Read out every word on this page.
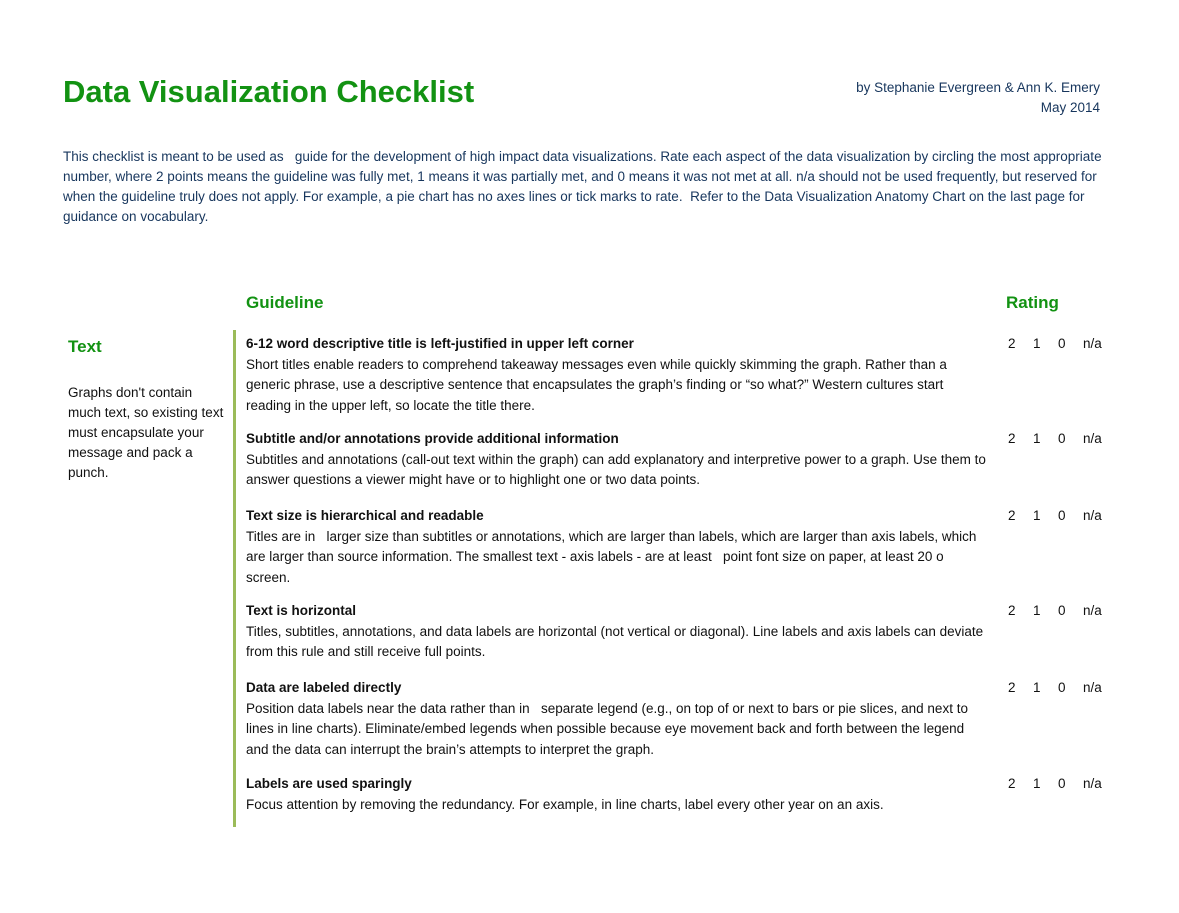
Data Visualization Checklist	by Stephanie Evergreen & Ann K. Emery
May 2014
This checklist is meant to be used as   guide for the development of high impact data visualizations. Rate each aspect of the data visualization by circling the most appropriate number, where 2 points means the guideline was fully met, 1 means it was partially met, and 0 means it was not met at all. n/a should not be used frequently, but reserved for when the guideline truly does not apply. For example, a pie chart has no axes lines or tick marks to rate.  Refer to the Data Visualization Anatomy Chart on the last page for guidance on vocabulary.
Guideline	Rating
Text
Graphs don't contain much text, so existing text must encapsulate your message and pack a punch.
6-12 word descriptive title is left-justified in upper left corner
Short titles enable readers to comprehend takeaway messages even while quickly skimming the graph. Rather than a generic phrase, use a descriptive sentence that encapsulates the graph’s finding or “so what?” Western cultures start reading in the upper left, so locate the title there.
2	1	0	n/a
Subtitle and/or annotations provide additional information
Subtitles and annotations (call-out text within the graph) can add explanatory and interpretive power to a graph. Use them to answer questions a viewer might have or to highlight one or two data points.
2	1	0	n/a
Text size is hierarchical and readable
Titles are in   larger size than subtitles or annotations, which are larger than labels, which are larger than axis labels, which are larger than source information. The smallest text - axis labels - are at least   point font size on paper, at least 20 o   screen.
2	1	0	n/a
Text is horizontal
Titles, subtitles, annotations, and data labels are horizontal (not vertical or diagonal). Line labels and axis labels can deviate from this rule and still receive full points.
2	1	0	n/a
Data are labeled directly
Position data labels near the data rather than in   separate legend (e.g., on top of or next to bars or pie slices, and next to lines in line charts). Eliminate/embed legends when possible because eye movement back and forth between the legend and the data can interrupt the brain’s attempts to interpret the graph.
2	1	0	n/a
Labels are used sparingly
Focus attention by removing the redundancy. For example, in line charts, label every other year on an axis.
2	1	0	n/a
